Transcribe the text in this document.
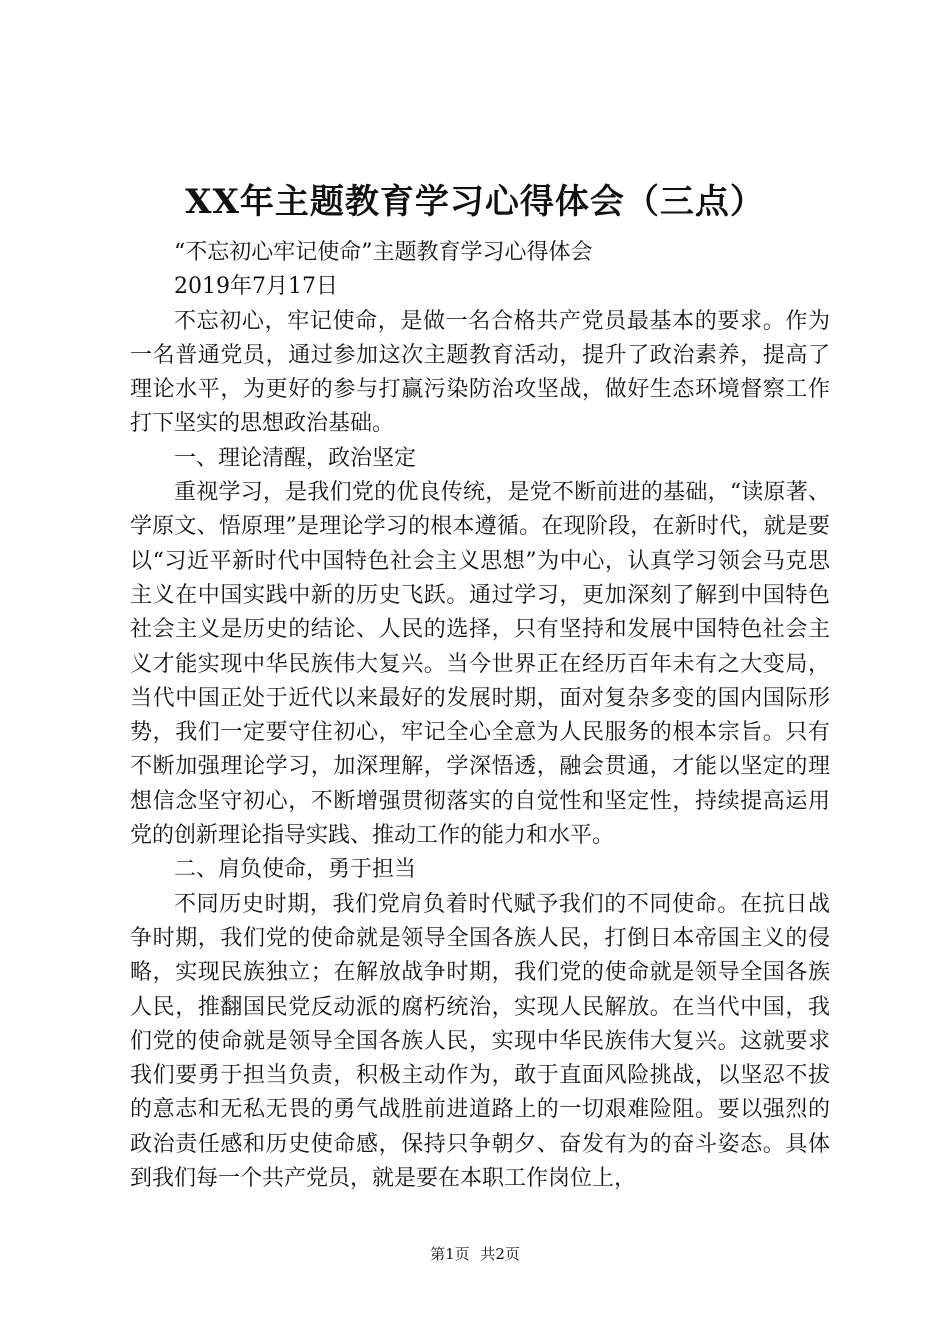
XX年主题教育学习心得体会（三点）

“不忘初心牢记使命”主题教育学习心得体会

2019年7月17日

不忘初心，牢记使命，是做一名合格共产党员最基本的要求。作为一名普通党员，通过参加这次主题教育活动，提升了政治素养，提高了理论水平，为更好的参与打赢污染防治攻坚战，做好生态环境督察工作打下坚实的思想政治基础。

一、理论清醒，政治坚定

重视学习，是我们党的优良传统，是党不断前进的基础，“读原著、学原文、悟原理”是理论学习的根本遵循。在现阶段，在新时代，就是要以“习近平新时代中国特色社会主义思想”为中心，认真学习领会马克思主义在中国实践中新的历史飞跃。通过学习，更加深刻了解到中国特色社会主义是历史的结论、人民的选择，只有坚持和发展中国特色社会主义才能实现中华民族伟大复兴。当今世界正在经历百年未有之大变局，当代中国正处于近代以来最好的发展时期，面对复杂多变的国内国际形势，我们一定要守住初心，牢记全心全意为人民服务的根本宗旨。只有不断加强理论学习，加深理解，学深悟透，融会贯通，才能以坚定的理想信念坚守初心，不断增强贯彻落实的自觉性和坚定性，持续提高运用党的创新理论指导实践、推动工作的能力和水平。

二、肩负使命，勇于担当

不同历史时期，我们党肩负着时代赋予我们的不同使命。在抗日战争时期，我们党的使命就是领导全国各族人民，打倒日本帝国主义的侵略，实现民族独立；在解放战争时期，我们党的使命就是领导全国各族人民，推翻国民党反动派的腐朽统治，实现人民解放。在当代中国，我们党的使命就是领导全国各族人民，实现中华民族伟大复兴。这就要求我们要勇于担当负责，积极主动作为，敢于直面风险挑战，以坚忍不拔的意志和无私无畏的勇气战胜前进道路上的一切艰难险阻。要以强烈的政治责任感和历史使命感，保持只争朝夕、奋发有为的奋斗姿态。具体到我们每一个共产党员，就是要在本职工作岗位上，

第1页 共2页
